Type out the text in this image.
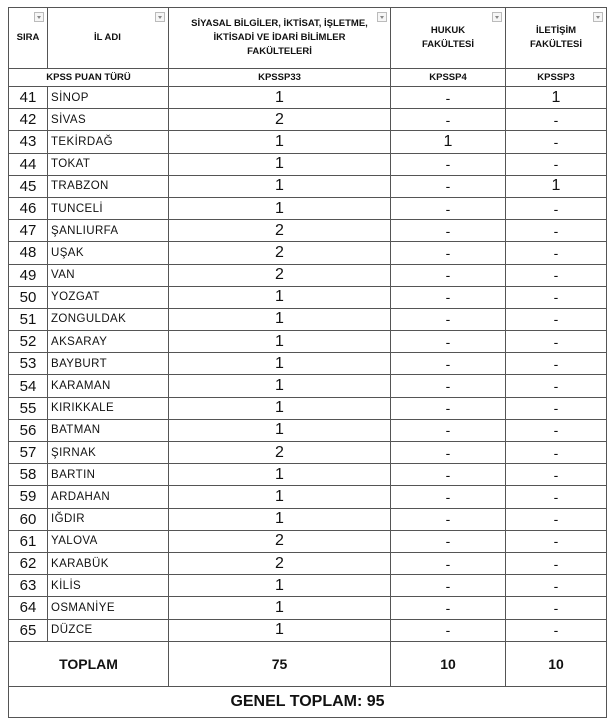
SIRA	İL ADI	SİYASAL BİLGİLER, İKTİSAT, İŞLETME, İKTİSADİ VE İDARİ BİLİMLER FAKÜLTELERİ	HUKUK FAKÜLTESİ	İLETİŞİM FAKÜLTESİ

KPSS PUAN TÜRÜ		KPSSP33	KPSSP4	KPSSP3
41	SİNOP	1	-	1
42	SİVAS	2	-	-
43	TEKİRDAĞ	1	1	-
44	TOKAT	1	-	-
45	TRABZON	1	-	1
46	TUNCELİ	1	-	-
47	ŞANLIURFA	2	-	-
48	UŞAK	2	-	-
49	VAN	2	-	-
50	YOZGAT	1	-	-
51	ZONGULDAK	1	-	-
52	AKSARAY	1	-	-
53	BAYBURT	1	-	-
54	KARAMAN	1	-	-
55	KIRIKKALE	1	-	-
56	BATMAN	1	-	-
57	ŞIRNAK	2	-	-
58	BARTIN	1	-	-
59	ARDAHAN	1	-	-
60	IĞDIR	1	-	-
61	YALOVA	2	-	-
62	KARABÜK	2	-	-
63	KİLİS	1	-	-
64	OSMANİYE	1	-	-
65	DÜZCE	1	-	-
TOPLAM		75	10	10
GENEL TOPLAM: 95				
